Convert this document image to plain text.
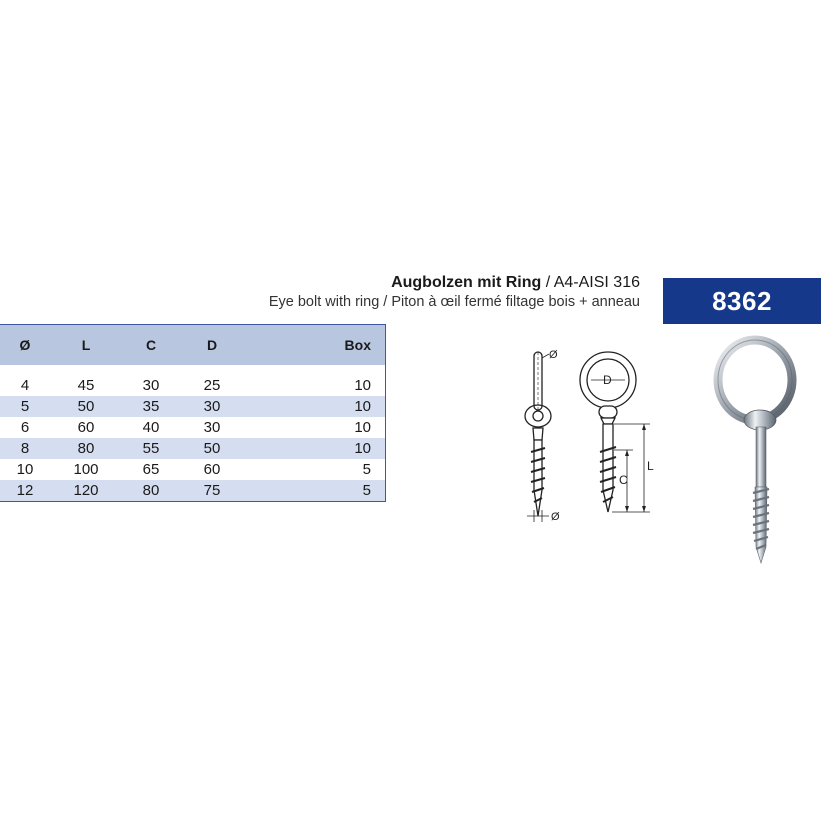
Augbolzen mit Ring / A4-AISI 316
Eye bolt with ring / Piton à œil fermé filtage bois + anneau	8362
Ø	L	C	D	Box
4	45	30	25	10
5	50	35	30	10
6	60	40	30	10
8	80	55	50	10
10	100	65	60	5
12	120	80	75	5
Ø
Ø
D
C
L
